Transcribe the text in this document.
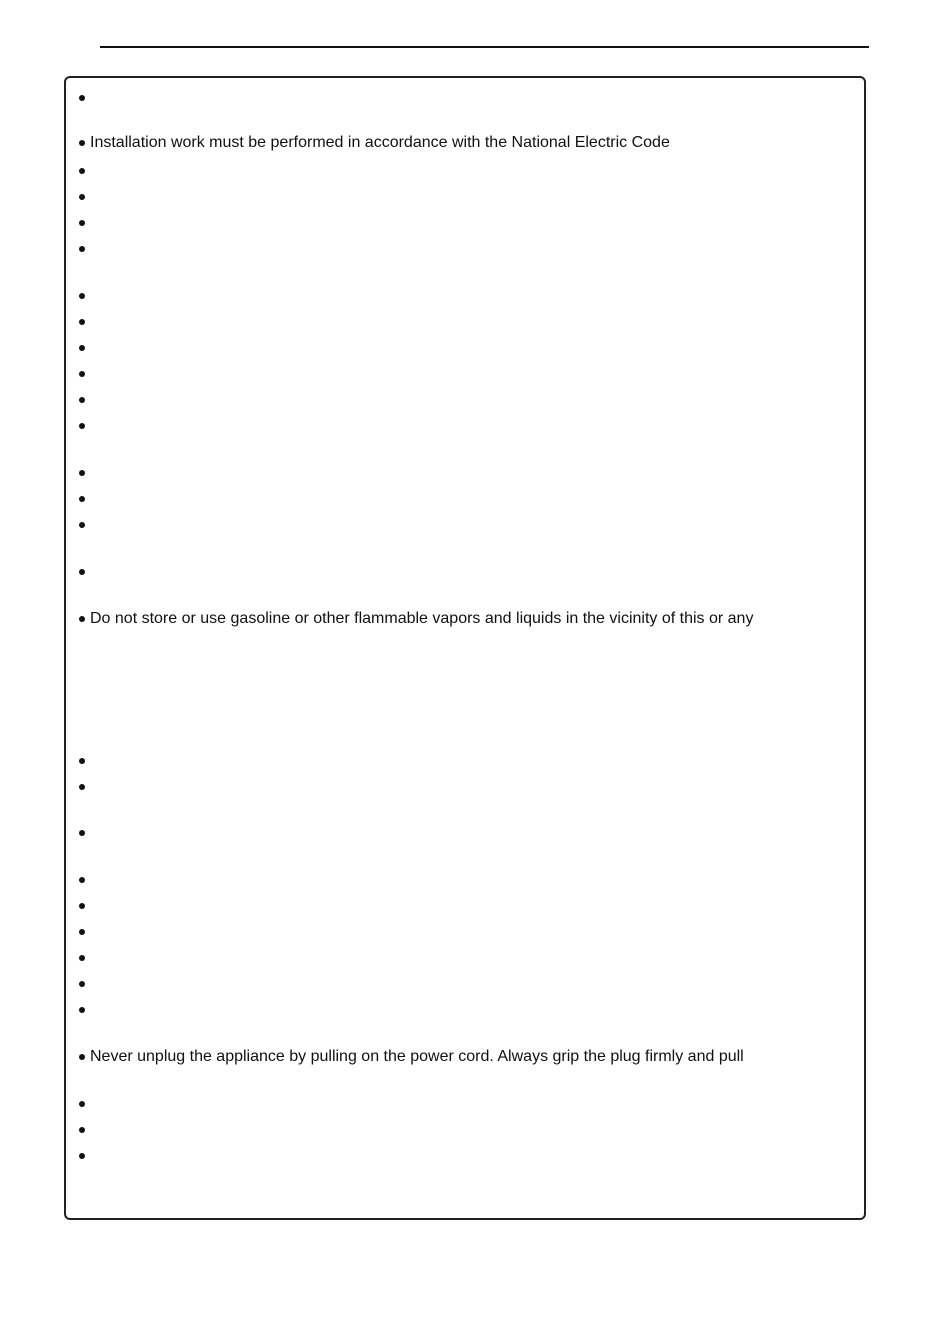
Installation work must be performed in accordance with the National Electric Code
Do not store or use gasoline or other flammable vapors and liquids in the vicinity of this or any
Never unplug the appliance by pulling on the power cord. Always grip the plug firmly and pull
